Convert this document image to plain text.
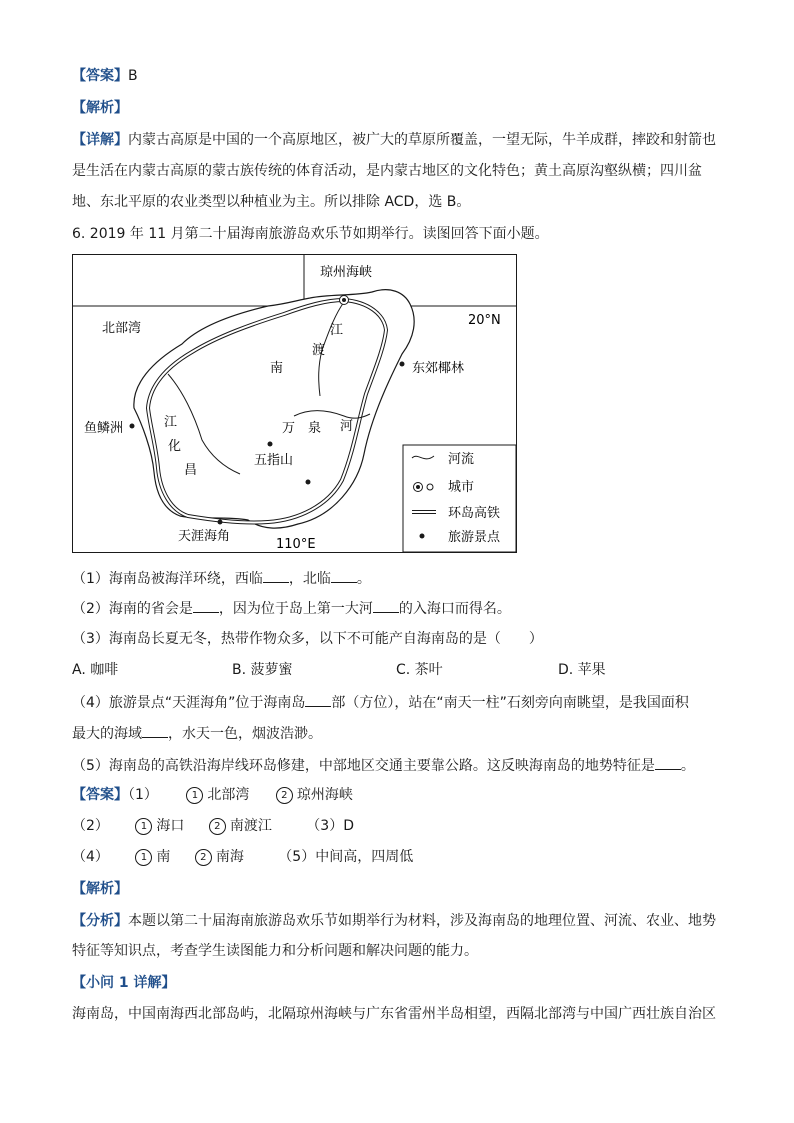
【答案】B
【解析】
【详解】内蒙古高原是中国的一个高原地区，被广大的草原所覆盖，一望无际，牛羊成群，摔跤和射箭也
是生活在内蒙古高原的蒙古族传统的体育活动，是内蒙古地区的文化特色；黄土高原沟壑纵横；四川盆
地、东北平原的农业类型以种植业为主。所以排除 ACD，选 B。
6. 2019 年 11 月第二十届海南旅游岛欢乐节如期举行。读图回答下面小题。
（1）海南岛被海洋环绕，西临 ，北临 。
（2）海南的省会是 ，因为位于岛上第一大河 的入海口而得名。
（3）海南岛长夏无冬，热带作物众多，以下不可能产自海南岛的是（　　）
A. 咖啡	B. 菠萝蜜	C. 茶叶	D. 苹果
（4）旅游景点“天涯海角”位于海南岛 部（方位），站在“南天一柱”石刻旁向南眺望，是我国面积
最大的海域 ，水天一色，烟波浩渺。
（5）海南岛的高铁沿海岸线环岛修建，中部地区交通主要靠公路。这反映海南岛的地势特征是 。
【答案】（1）	1 北部湾	2 琼州海峡
（2）	1 海口	2 南渡江 （3）D
（4）	1 南	2 南海 （5）中间高，四周低
【解析】
【分析】本题以第二十届海南旅游岛欢乐节如期举行为材料，涉及海南岛的地理位置、河流、农业、地势
特征等知识点，考查学生读图能力和分析问题和解决问题的能力。
【小问 1 详解】
海南岛，中国南海西北部岛屿，北隔琼州海峡与广东省雷州半岛相望，西隔北部湾与中国广西壮族自治区
琼州海峡
20°N
北部湾
南
渡
江
江
化
昌
万 泉 河
东郊椰林
鱼鳞洲
五指山
天涯海角
110°E
河流
城市
环岛高铁
旅游景点
